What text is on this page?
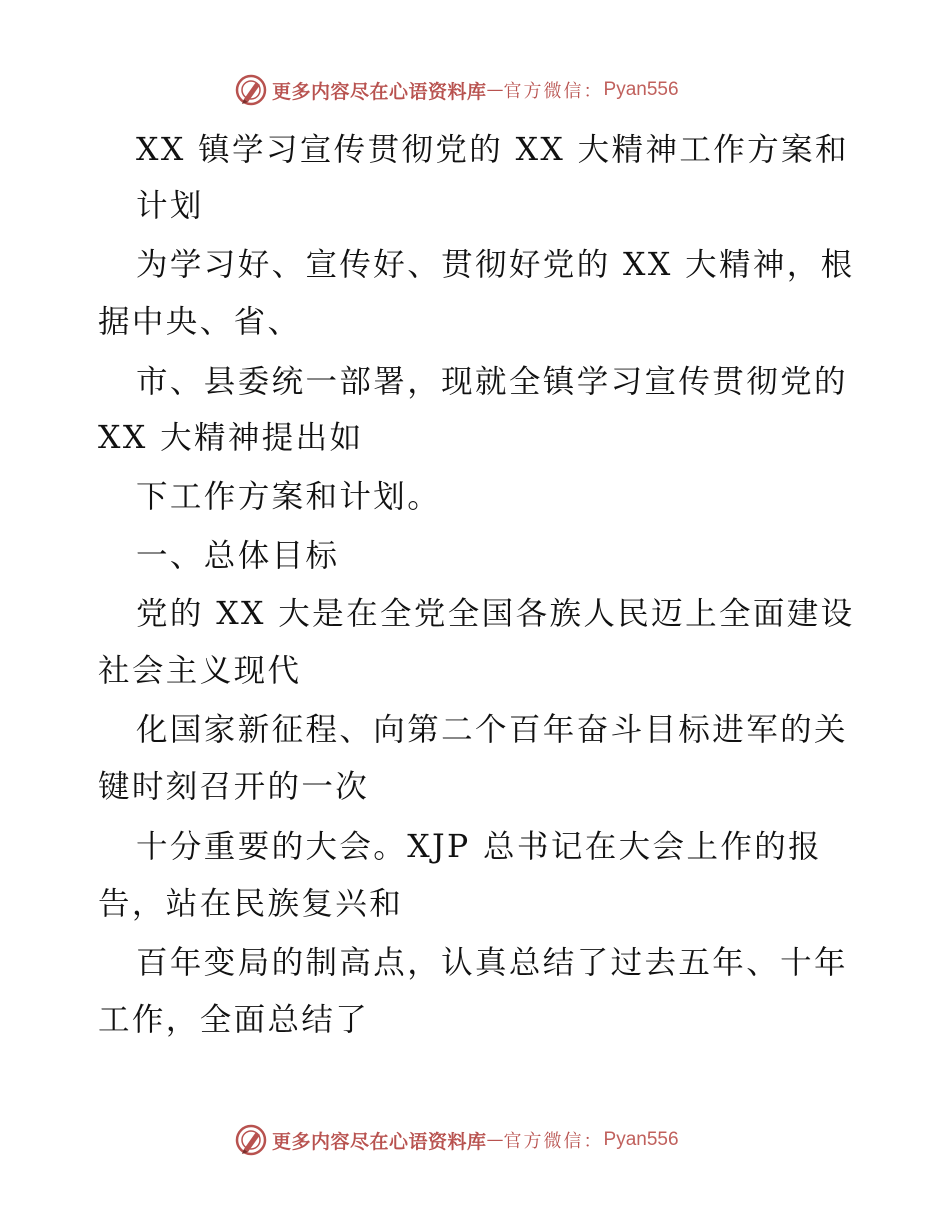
更多内容尽在心语资料库 — 官方微信： Pyan556
XX 镇学习宣传贯彻党的 XX 大精神工作方案和
计划
为学习好、宣传好、贯彻好党的 XX 大精神，根
据中央、省、
市、县委统一部署，现就全镇学习宣传贯彻党的
XX 大精神提出如
下工作方案和计划。
一、总体目标
党的 XX 大是在全党全国各族人民迈上全面建设
社会主义现代
化国家新征程、向第二个百年奋斗目标进军的关
键时刻召开的一次
十分重要的大会。XJP 总书记在大会上作的报
告，站在民族复兴和
百年变局的制高点，认真总结了过去五年、十年
工作，全面总结了
更多内容尽在心语资料库 — 官方微信： Pyan556
